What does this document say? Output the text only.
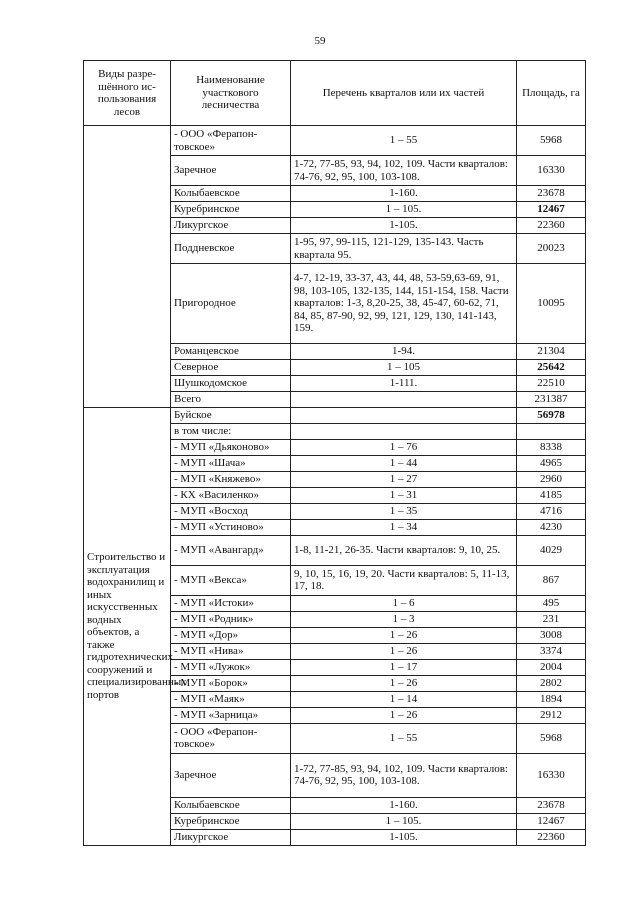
59
Виды разре-шённого ис-пользования лесов	Наименование участкового лесничества	Перечень кварталов или их частей	Площадь, га
	- ООО «Ферапон-товское»	1 – 55	5968
	Заречное	1-72, 77-85, 93, 94, 102, 109. Части кварталов: 74-76, 92, 95, 100, 103-108.	16330
	Колыбаевское	1-160.	23678
	Куребринское	1 – 105.	12467
	Ликургское	1-105.	22360
	Поддневское	1-95, 97, 99-115, 121-129, 135-143. Часть квартала 95.	20023
	Пригородное	4-7, 12-19, 33-37, 43, 44, 48, 53-59,63-69, 91, 98, 103-105, 132-135, 144, 151-154, 158. Части кварталов: 1-3, 8,20-25, 38, 45-47, 60-62, 71, 84, 85, 87-90, 92, 99, 121, 129, 130, 141-143, 159.	10095
	Романцевское	1-94.	21304
	Северное	1 – 105	25642
	Шушкодомское	1-111.	22510
	Всего		231387
Строительство и эксплуатация водохранилищ и иных искусственных водных объектов, а также гидротехнических сооружений и специализированных портов	Буйское		56978
	в том числе:		
	- МУП «Дьяконово»	1 – 76	8338
	- МУП «Шача»	1 – 44	4965
	- МУП «Княжево»	1 – 27	2960
	- КХ «Василенко»	1 – 31	4185
	- МУП «Восход	1 – 35	4716
	- МУП «Устиново»	1 – 34	4230
	- МУП «Авангард»	1-8, 11-21, 26-35. Части кварталов: 9, 10, 25.	4029
	- МУП «Векса»	9, 10, 15, 16, 19, 20. Части кварталов: 5, 11-13, 17, 18.	867
	- МУП «Истоки»	1 – 6	495
	- МУП «Родник»	1 – 3	231
	- МУП «Дор»	1 – 26	3008
	- МУП «Нива»	1 – 26	3374
	- МУП «Лужок»	1 – 17	2004
	- МУП «Борок»	1 – 26	2802
	- МУП «Маяк»	1 – 14	1894
	- МУП «Зарница»	1 – 26	2912
	- ООО «Ферапон-товское»	1 – 55	5968
	Заречное	1-72, 77-85, 93, 94, 102, 109. Части кварталов: 74-76, 92, 95, 100, 103-108.	16330
	Колыбаевское	1-160.	23678
	Куребринское	1 – 105.	12467
	Ликургское	1-105.	22360
